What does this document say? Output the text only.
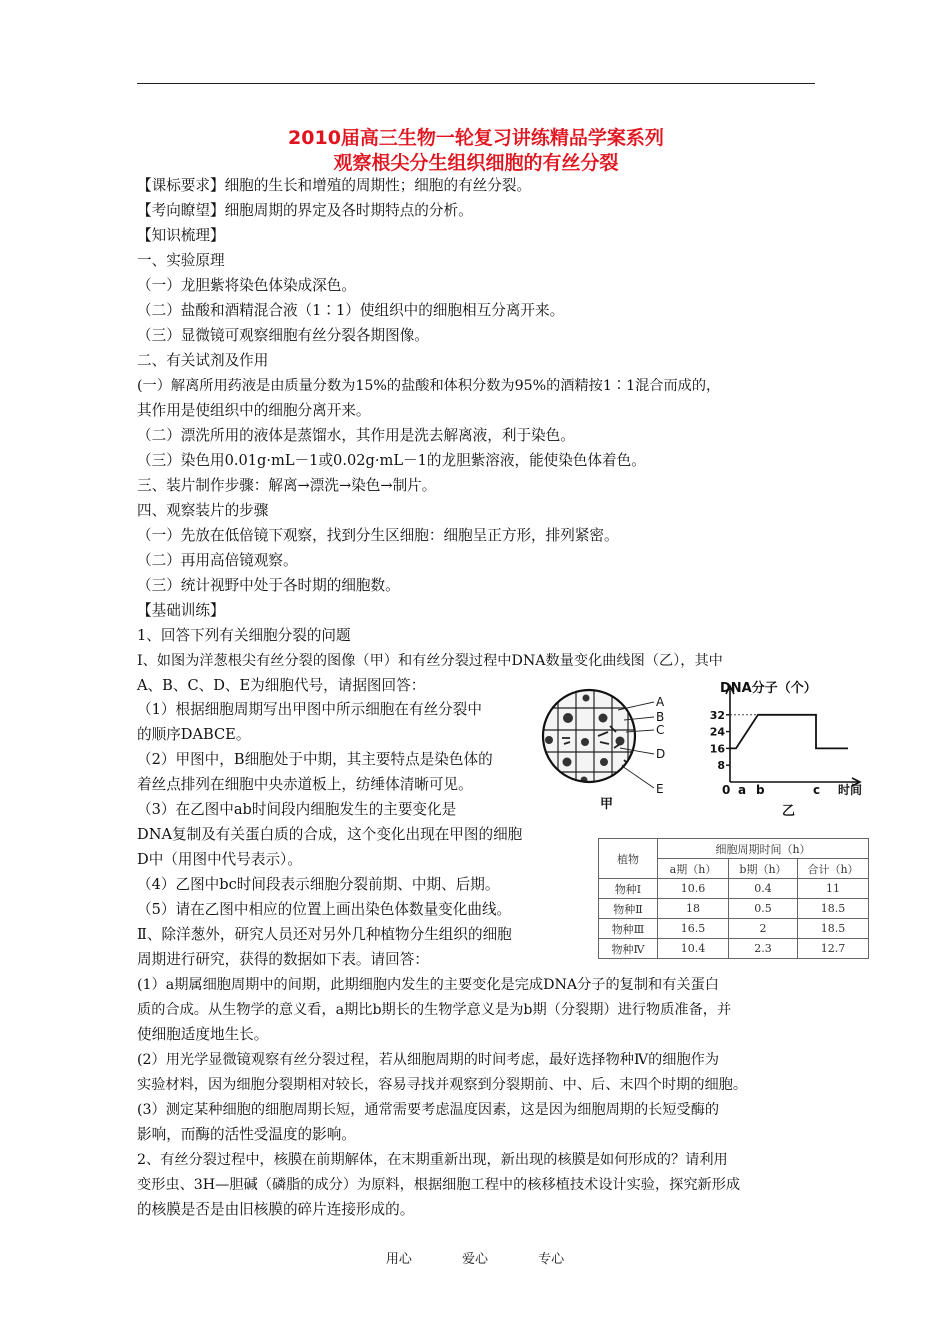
2010届高三生物一轮复习讲练精品学案系列
观察根尖分生组织细胞的有丝分裂
【课标要求】细胞的生长和增殖的周期性；细胞的有丝分裂。
【考向瞭望】细胞周期的界定及各时期特点的分析。
【知识梳理】
一、实验原理
（一）龙胆紫将染色体染成深色。
（二）盐酸和酒精混合液（1∶1）使组织中的细胞相互分离开来。
（三）显微镜可观察细胞有丝分裂各期图像。
二、有关试剂及作用
(一）解离所用药液是由质量分数为15%的盐酸和体积分数为95%的酒精按1∶1混合而成的，
其作用是使组织中的细胞分离开来。
（二）漂洗所用的液体是蒸馏水，其作用是洗去解离液，利于染色。
（三）染色用0.01g·mL－1或0.02g·mL－1的龙胆紫溶液，能使染色体着色。
三、装片制作步骤：解离→漂洗→染色→制片。
四、观察装片的步骤
（一）先放在低倍镜下观察，找到分生区细胞：细胞呈正方形，排列紧密。
（二）再用高倍镜观察。
（三）统计视野中处于各时期的细胞数。
【基础训练】
1、回答下列有关细胞分裂的问题
Ⅰ、如图为洋葱根尖有丝分裂的图像（甲）和有丝分裂过程中DNA数量变化曲线图（乙），其中
A、B、C、D、E为细胞代号，请据图回答：
（1）根据细胞周期写出甲图中所示细胞在有丝分裂中
的顺序DABCE。
（2）甲图中，B细胞处于中期，其主要特点是染色体的
着丝点排列在细胞中央赤道板上，纺缍体清晰可见。
（3）在乙图中ab时间段内细胞发生的主要变化是
DNA复制及有关蛋白质的合成，这个变化出现在甲图的细胞
D中（用图中代号表示）。
（4）乙图中bc时间段表示细胞分裂前期、中期、后期。
（5）请在乙图中相应的位置上画出染色体数量变化曲线。
Ⅱ、除洋葱外，研究人员还对另外几种植物分生组织的细胞
周期进行研究，获得的数据如下表。请回答：
(1）a期属细胞周期中的间期，此期细胞内发生的主要变化是完成DNA分子的复制和有关蛋白
质的合成。从生物学的意义看，a期比b期长的生物学意义是为b期（分裂期）进行物质准备，并
使细胞适度地生长。
(2）用光学显微镜观察有丝分裂过程，若从细胞周期的时间考虑，最好选择物种Ⅳ的细胞作为
实验材料，因为细胞分裂期相对较长，容易寻找并观察到分裂期前、中、后、末四个时期的细胞。
(3）测定某种细胞的细胞周期长短，通常需要考虑温度因素，这是因为细胞周期的长短受酶的
影响，而酶的活性受温度的影响。
2、有丝分裂过程中，核膜在前期解体，在末期重新出现，新出现的核膜是如何形成的？请利用
变形虫、3H—胆碱（磷脂的成分）为原料，根据细胞工程中的核移植技术设计实验，探究新形成
的核膜是否是由旧核膜的碎片连接形成的。
A
B
C
D
E
甲
DNA分子（个）
时间
乙
8
16
24
32
0 a b	c
植物	细胞周期时间（h）		
	a期（h）	b期（h）	合计（h）
物种Ⅰ	10.6	0.4	11
物种Ⅱ	18	0.5	18.5
物种Ⅲ	16.5	2	18.5
物种Ⅳ	10.4	2.3	12.7
用心	爱心	专心
